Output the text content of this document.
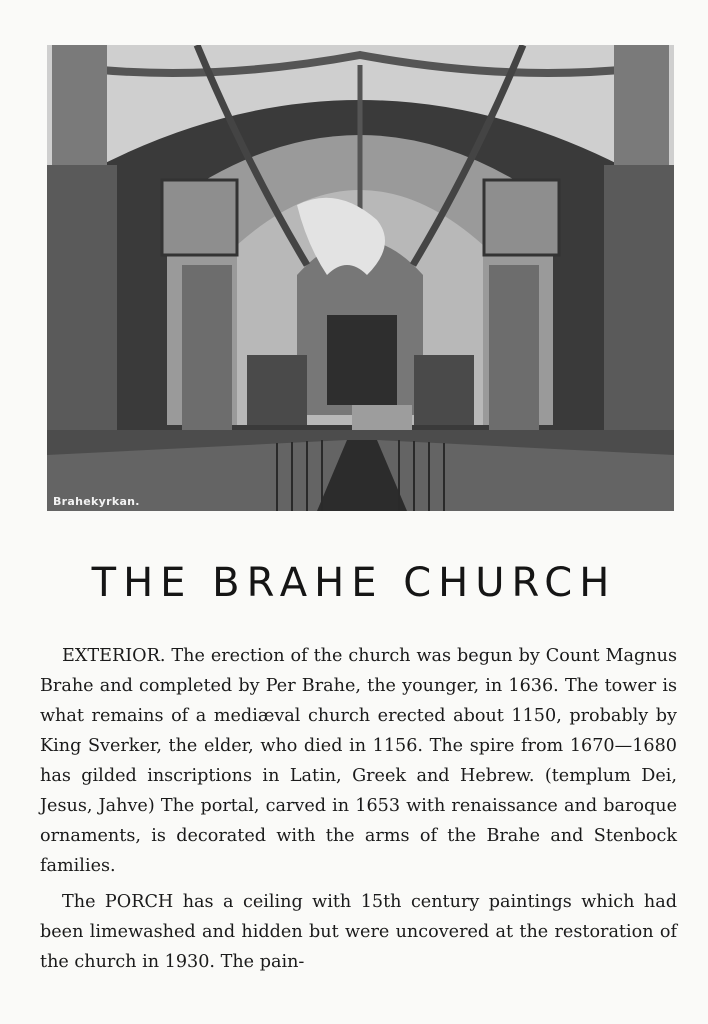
Brahekyrkan.
THE BRAHE CHURCH

EXTERIOR. The erection of the church was begun by Count Magnus Brahe and completed by Per Brahe, the younger, in 1636. The tower is what remains of a mediæval church erected about 1150, probably by King Sverker, the elder, who died in 1156. The spire from 1670—1680 has gilded inscriptions in Latin, Greek and Hebrew. (templum Dei, Jesus, Jahve) The portal, carved in 1653 with renaissance and baroque ornaments, is decorated with the arms of the Brahe and Stenbock families.

The PORCH has a ceiling with 15th century paintings which had been limewashed and hidden but were uncovered at the restoration of the church in 1930. The pain-
